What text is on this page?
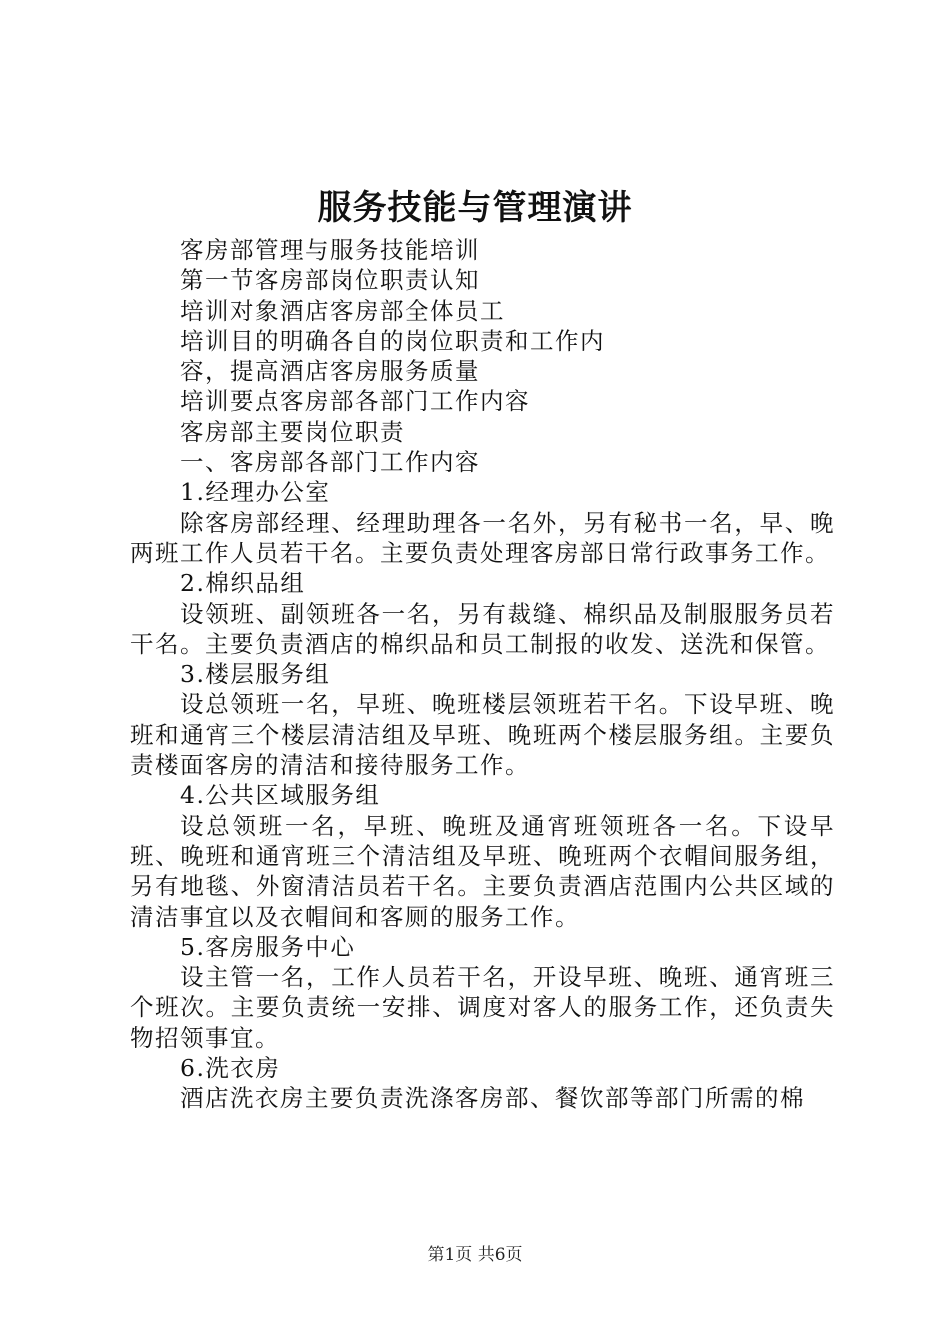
服务技能与管理演讲
客房部管理与服务技能培训
第一节客房部岗位职责认知
培训对象酒店客房部全体员工
培训目的明确各自的岗位职责和工作内
容，提高酒店客房服务质量
培训要点客房部各部门工作内容
客房部主要岗位职责
一、客房部各部门工作内容
1.经理办公室
除客房部经理、经理助理各一名外，另有秘书一名，早、晚两班工作人员若干名。主要负责处理客房部日常行政事务工作。
2.棉织品组
设领班、副领班各一名，另有裁缝、棉织品及制服服务员若干名。主要负责酒店的棉织品和员工制报的收发、送洗和保管。
3.楼层服务组
设总领班一名，早班、晚班楼层领班若干名。下设早班、晚班和通宵三个楼层清洁组及早班、晚班两个楼层服务组。主要负责楼面客房的清洁和接待服务工作。
4.公共区域服务组
设总领班一名，早班、晚班及通宵班领班各一名。下设早班、晚班和通宵班三个清洁组及早班、晚班两个衣帽间服务组，另有地毯、外窗清洁员若干名。主要负责酒店范围内公共区域的清洁事宜以及衣帽间和客厕的服务工作。
5.客房服务中心
设主管一名，工作人员若干名，开设早班、晚班、通宵班三个班次。主要负责统一安排、调度对客人的服务工作，还负责失物招领事宜。
6.洗衣房
酒店洗衣房主要负责洗涤客房部、餐饮部等部门所需的棉
第1页 共6页
